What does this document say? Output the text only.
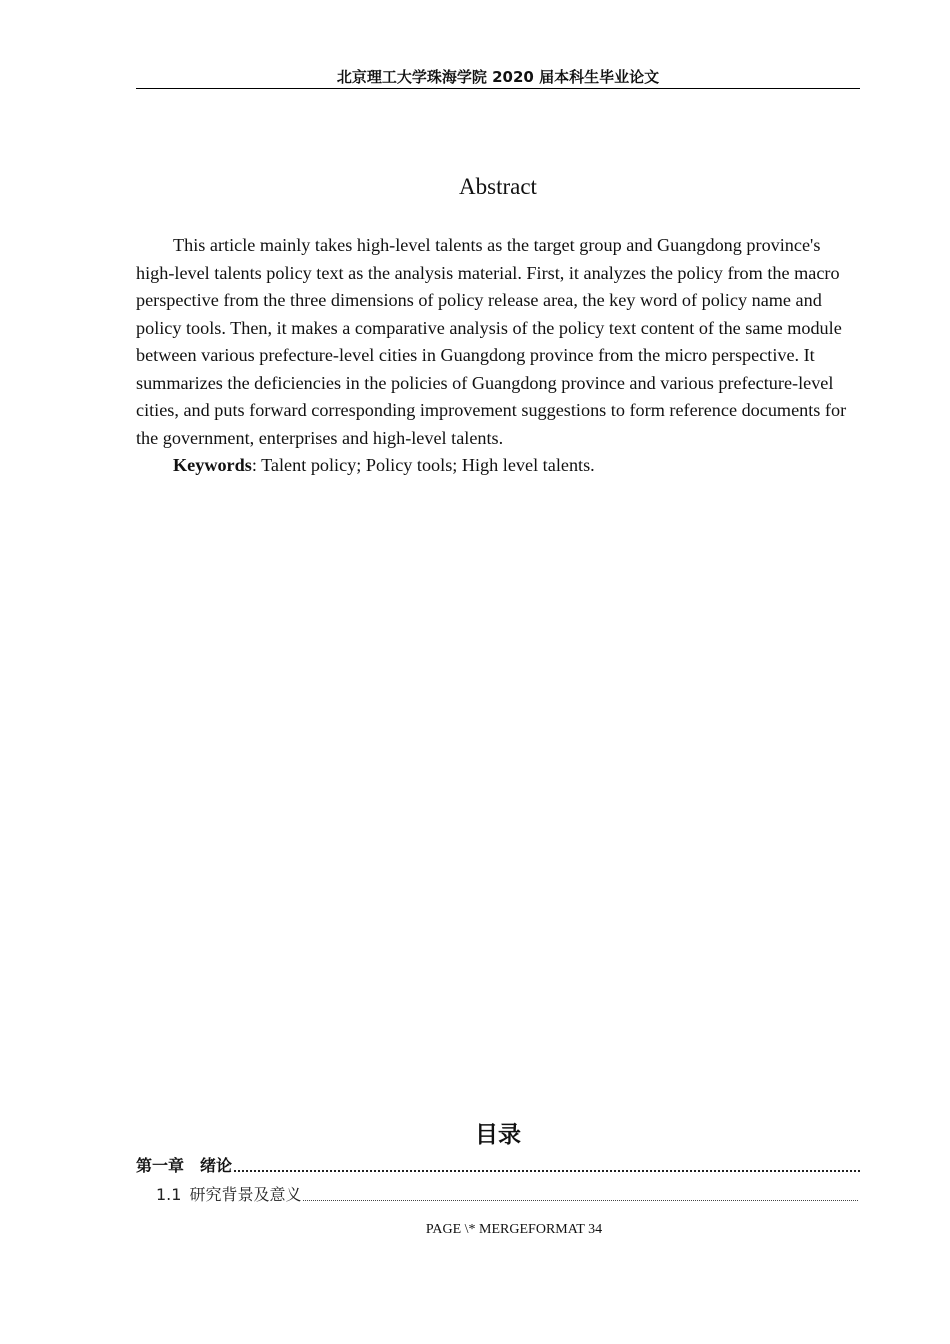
北京理工大学珠海学院 2020 届本科生毕业论文
Abstract

This article mainly takes high-level talents as the target group and Guangdong province's high-level talents policy text as the analysis material. First, it analyzes the policy from the macro perspective from the three dimensions of policy release area, the key word of policy name and policy tools. Then, it makes a comparative analysis of the policy text content of the same module between various prefecture-level cities in Guangdong province from the micro perspective. It summarizes the deficiencies in the policies of Guangdong province and various prefecture-level cities, and puts forward corresponding improvement suggestions to form reference documents for the government, enterprises and high-level talents.

Keywords: Talent policy; Policy tools; High level talents.

目录
第一章 绪论
1.1 研究背景及意义
PAGE \* MERGEFORMAT 34
